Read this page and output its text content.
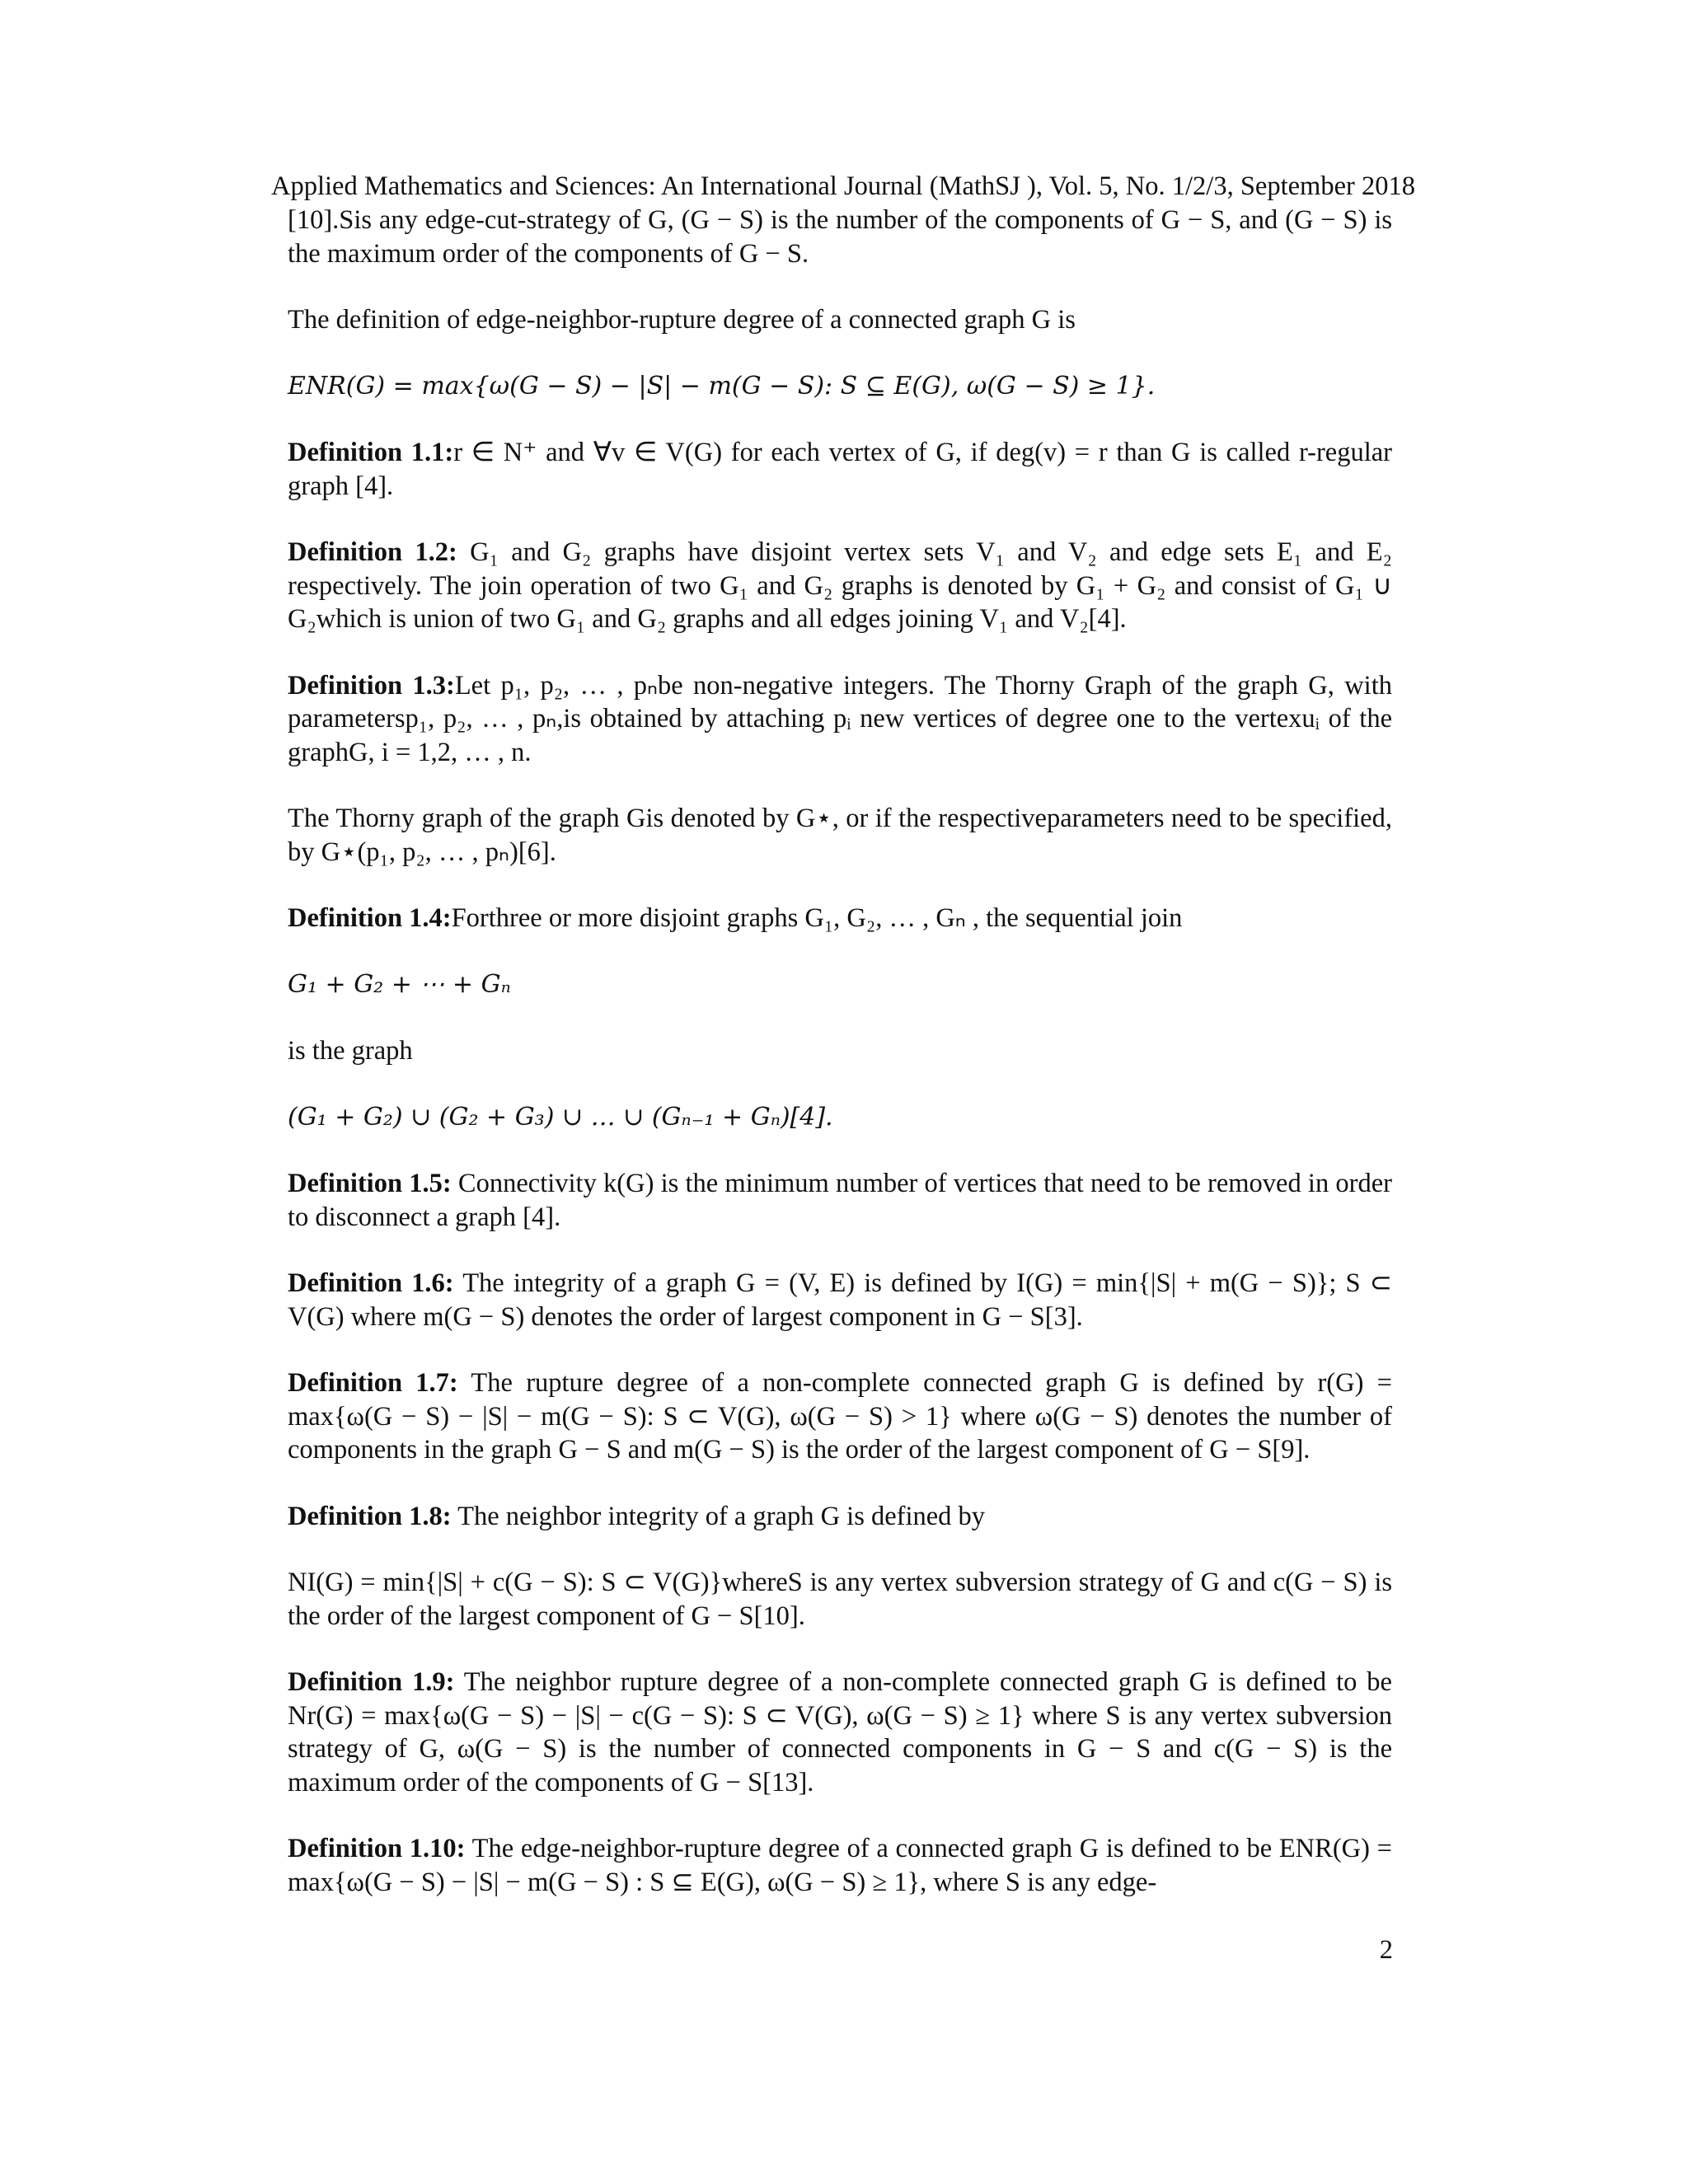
Applied Mathematics and Sciences: An International Journal (MathSJ ), Vol. 5, No. 1/2/3, September 2018

[10].Sis any edge-cut-strategy of G, (G − S) is the number of the components of G − S, and (G − S) is the maximum order of the components of G − S.

The definition of edge-neighbor-rupture degree of a connected graph G is

ENR(G) = max{ω(G − S) − |S| − m(G − S): S ⊆ E(G), ω(G − S) ≥ 1}.

Definition 1.1:r ∈ N⁺ and ∀v ∈ V(G) for each vertex of G, if deg(v) = r than G is called r-regular graph [4].

Definition 1.2: G₁ and G₂ graphs have disjoint vertex sets V₁ and V₂ and edge sets E₁ and E₂ respectively. The join operation of two G₁ and G₂ graphs is denoted by G₁ + G₂ and consist of G₁ ∪ G₂which is union of two G₁ and G₂ graphs and all edges joining V₁ and V₂[4].

Definition 1.3:Let p₁, p₂, … , pₙbe non-negative integers. The Thorny Graph of the graph G, with parametersp₁, p₂, … , pₙ,is obtained by attaching pᵢ new vertices of degree one to the vertexuᵢ of the graphG, i = 1,2, … , n.

The Thorny graph of the graph Gis denoted by G⋆, or if the respectiveparameters need to be specified, by G⋆(p₁, p₂, … , pₙ)[6].

Definition 1.4:Forthree or more disjoint graphs G₁, G₂, … , Gₙ , the sequential join

G₁ + G₂ + ⋯ + Gₙ

is the graph

(G₁ + G₂) ∪ (G₂ + G₃) ∪ … ∪ (Gₙ₋₁ + Gₙ)[4].

Definition 1.5: Connectivity k(G) is the minimum number of vertices that need to be removed in order to disconnect a graph [4].

Definition 1.6: The integrity of a graph G = (V, E) is defined by I(G) = min{|S| + m(G − S)}; S ⊂ V(G) where m(G − S) denotes the order of largest component in G − S[3].

Definition 1.7: The rupture degree of a non-complete connected graph G is defined by r(G) = max{ω(G − S) − |S| − m(G − S): S ⊂ V(G), ω(G − S) > 1} where ω(G − S) denotes the number of components in the graph G − S and m(G − S) is the order of the largest component of G − S[9].

Definition 1.8: The neighbor integrity of a graph G is defined by

NI(G) = min{|S| + c(G − S): S ⊂ V(G)}whereS is any vertex subversion strategy of G and c(G − S) is the order of the largest component of G − S[10].

Definition 1.9: The neighbor rupture degree of a non-complete connected graph G is defined to be Nr(G) = max{ω(G − S) − |S| − c(G − S): S ⊂ V(G), ω(G − S) ≥ 1} where S is any vertex subversion strategy of G, ω(G − S) is the number of connected components in G − S and c(G − S) is the maximum order of the components of G − S[13].

Definition 1.10: The edge-neighbor-rupture degree of a connected graph G is defined to be ENR(G) = max{ω(G − S) − |S| − m(G − S) : S ⊆ E(G), ω(G − S) ≥ 1}, where S is any edge-

2
